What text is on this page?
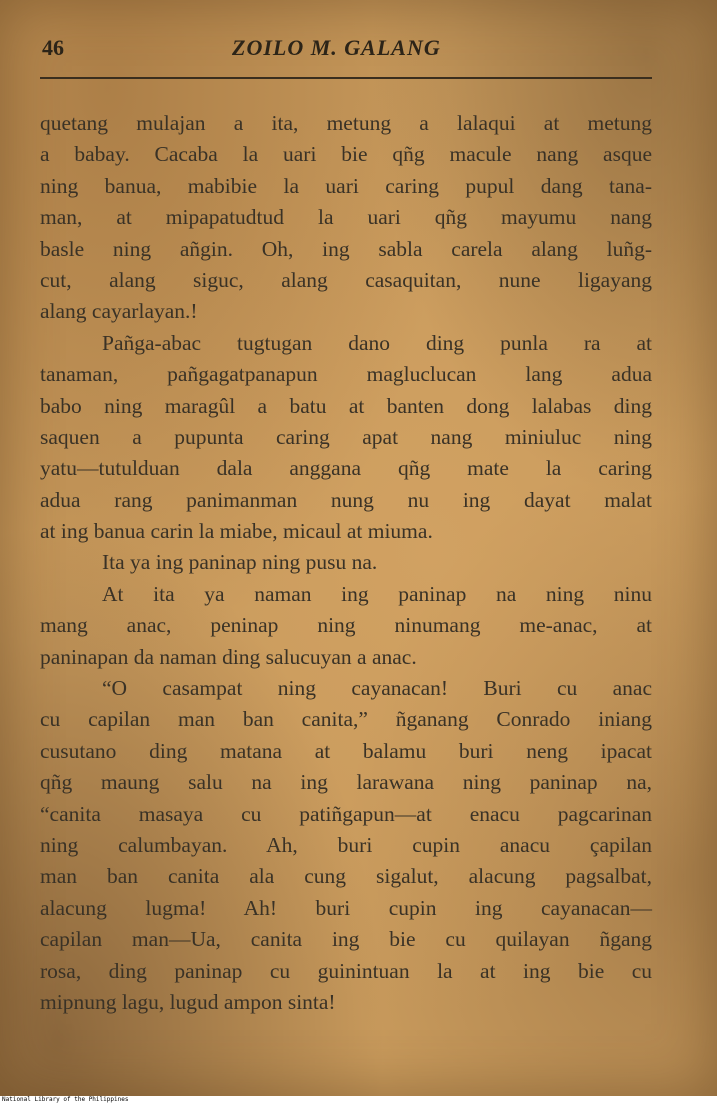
46	ZOILO M. GALANG
quetang mulajan a ita, metung a lalaqui at metung
a babay. Cacaba la uari bie qñg macule nang asque
ning banua, mabibie la uari caring pupul dang tana-
man, at mipapatudtud la uari qñg mayumu nang
basle ning añgin. Oh, ing sabla carela alang luñg-
cut, alang siguc, alang casaquitan, nune ligayang
alang cayarlayan.!
Pañga-abac tugtugan dano ding punla ra at
tanaman, pañgagatpanapun magluclucan lang adua
babo ning maragûl a batu at banten dong lalabas ding
saquen a pupunta caring apat nang miniuluc ning
yatu—tutulduan dala anggana qñg mate la caring
adua rang panimanman nung nu ing dayat malat
at ing banua carin la miabe, micaul at miuma.
Ita ya ing paninap ning pusu na.
At ita ya naman ing paninap na ning ninu
mang anac, peninap ning ninumang me-anac, at
paninapan da naman ding salucuyan a anac.
“O casampat ning cayanacan! Buri cu anac
cu capilan man ban canita,” ñganang Conrado iniang
cusutano ding matana at balamu buri neng ipacat
qñg maung salu na ing larawana ning paninap na,
“canita masaya cu patiñgapun—at enacu pagcarinan
ning calumbayan. Ah, buri cupin anacu çapilan
man ban canita ala cung sigalut, alacung pagsalbat,
alacung lugma! Ah! buri cupin ing cayanacan—
capilan man—Ua, canita ing bie cu quilayan ñgang
rosa, ding paninap cu guinintuan la at ing bie cu
mipnung lagu, lugud ampon sinta!
National Library of the Philippines
